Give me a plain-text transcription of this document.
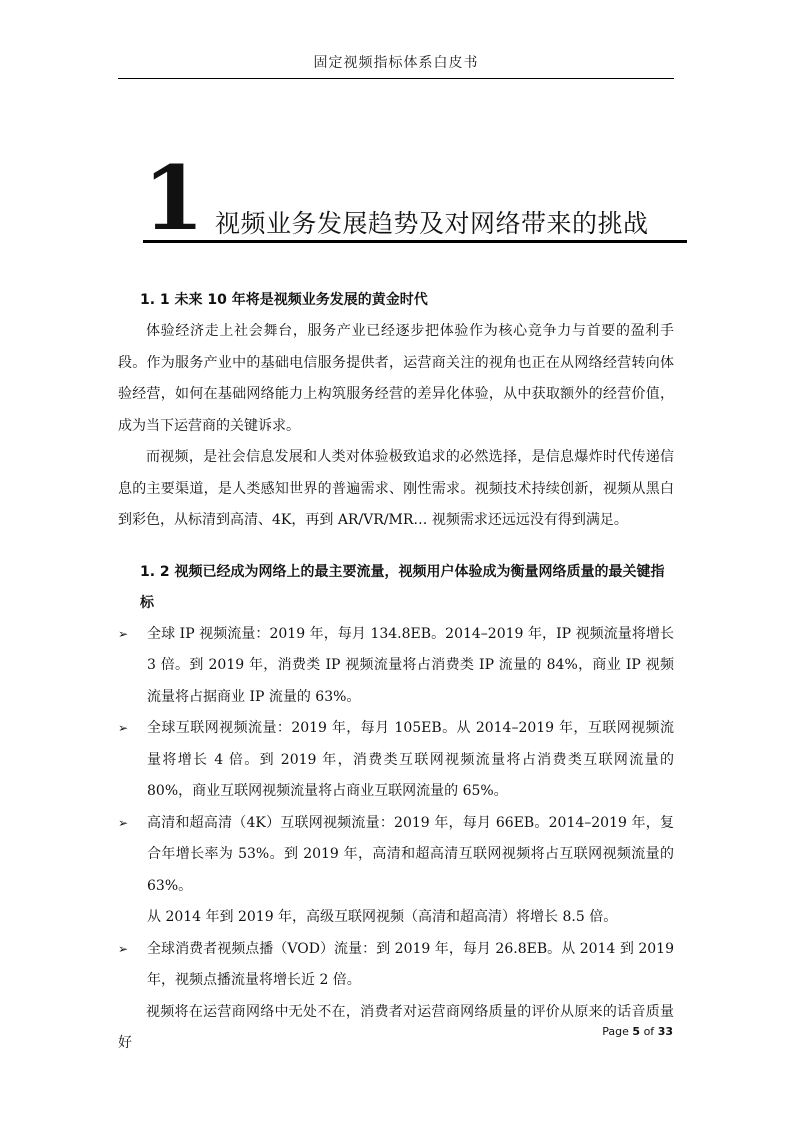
固定视频指标体系白皮书
1 视频业务发展趋势及对网络带来的挑战

1. 1 未来 10 年将是视频业务发展的黄金时代

体验经济走上社会舞台，服务产业已经逐步把体验作为核心竞争力与首要的盈利手段。作为服务产业中的基础电信服务提供者，运营商关注的视角也正在从网络经营转向体验经营，如何在基础网络能力上构筑服务经营的差异化体验，从中获取额外的经营价值，成为当下运营商的关键诉求。

而视频，是社会信息发展和人类对体验极致追求的必然选择，是信息爆炸时代传递信息的主要渠道，是人类感知世界的普遍需求、刚性需求。视频技术持续创新，视频从黑白到彩色，从标清到高清、4K，再到 AR/VR/MR… 视频需求还远远没有得到满足。

1. 2 视频已经成为网络上的最主要流量，视频用户体验成为衡量网络质量的最关键指标

➢ 全球 IP 视频流量：2019 年，每月 134.8EB。2014–2019 年，IP 视频流量将增长 3 倍。到 2019 年，消费类 IP 视频流量将占消费类 IP 流量的 84%，商业 IP 视频流量将占据商业 IP 流量的 63%。
➢ 全球互联网视频流量：2019 年，每月 105EB。从 2014–2019 年，互联网视频流量将增长 4 倍。到 2019 年，消费类互联网视频流量将占消费类互联网流量的 80%，商业互联网视频流量将占商业互联网流量的 65%。
➢ 高清和超高清（4K）互联网视频流量：2019 年，每月 66EB。2014–2019 年，复合年增长率为 53%。到 2019 年，高清和超高清互联网视频将占互联网视频流量的 63%。

从 2014 年到 2019 年，高级互联网视频（高清和超高清）将增长 8.5 倍。

➢ 全球消费者视频点播（VOD）流量：到 2019 年，每月 26.8EB。从 2014 到 2019 年，视频点播流量将增长近 2 倍。

视频将在运营商网络中无处不在，消费者对运营商网络质量的评价从原来的话音质量好

Page 5 of 33
